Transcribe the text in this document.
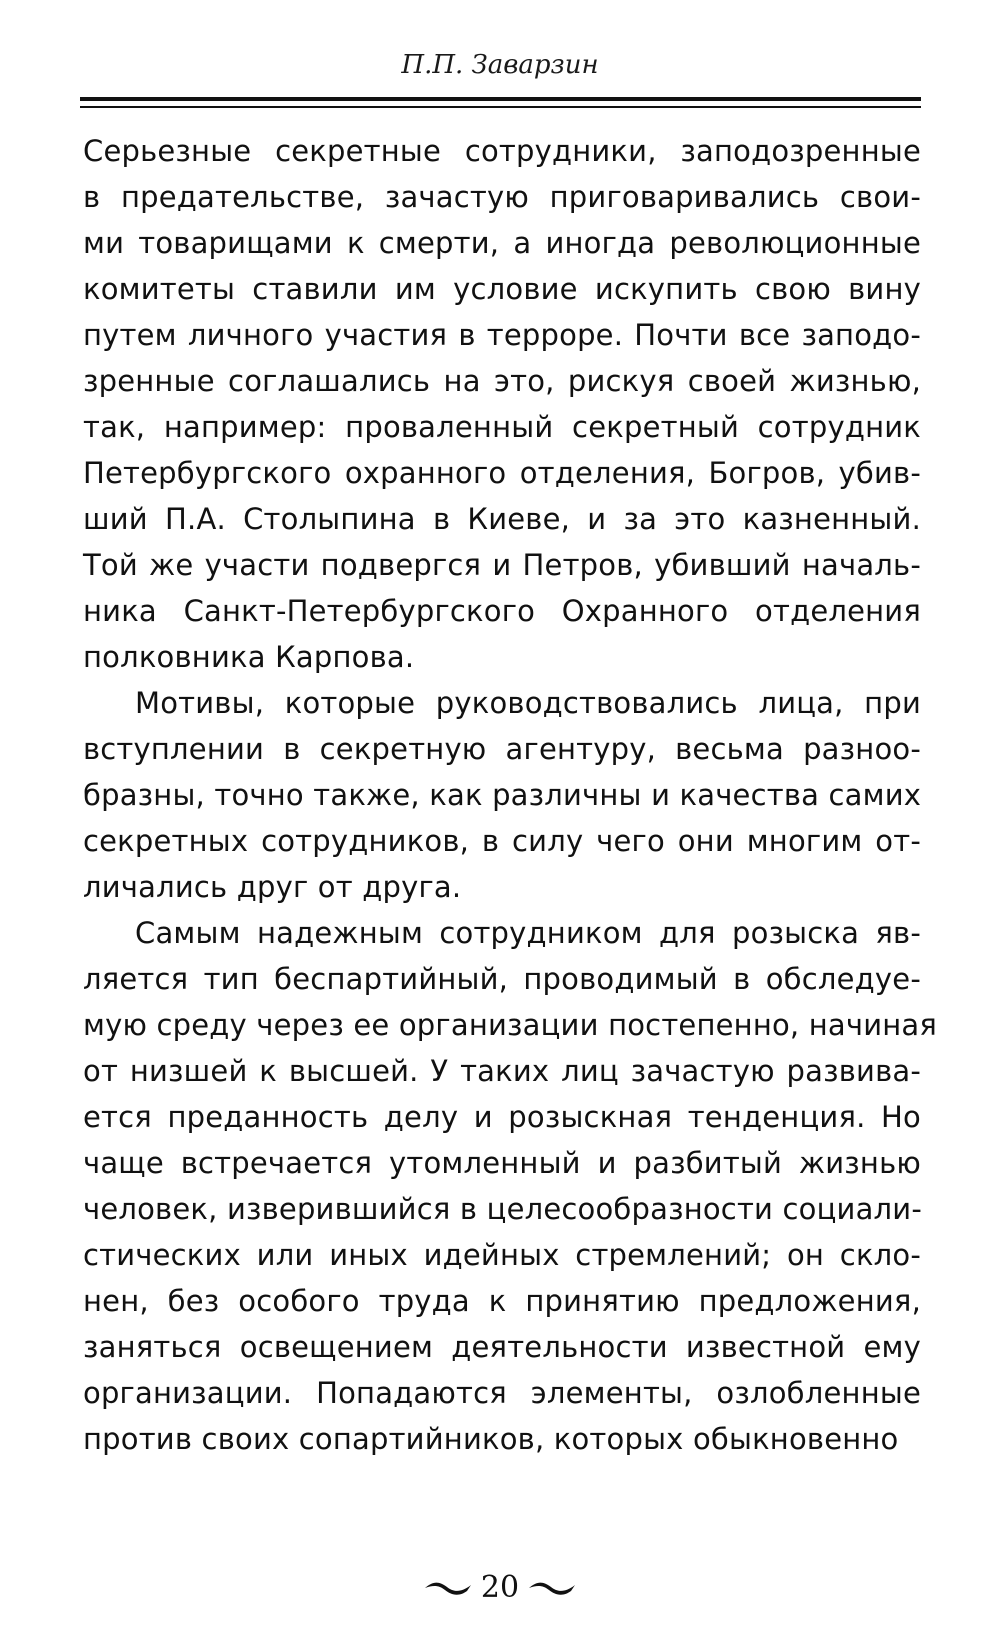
П.П. Заварзин
Серьезные секретные сотрудники, заподозренные
в предательстве, зачастую приговаривались свои-
ми товарищами к смерти, а иногда революционные
комитеты ставили им условие искупить свою вину
путем личного участия в терроре. Почти все заподо-
зренные соглашались на это, рискуя своей жизнью,
так, например: проваленный секретный сотрудник
Петербургского охранного отделения, Богров, убив-
ший П.А. Столыпина в Киеве, и за это казненный.
Той же участи подвергся и Петров, убивший началь-
ника Санкт-Петербургского Охранного отделения
полковника Карпова.
Мотивы, которые руководствовались лица, при
вступлении в секретную агентуру, весьма разноо-
бразны, точно также, как различны и качества самих
секретных сотрудников, в силу чего они многим от-
личались друг от друга.
Самым надежным сотрудником для розыска яв-
ляется тип беспартийный, проводимый в обследуе-
мую среду через ее организации постепенно, начиная
от низшей к высшей. У таких лиц зачастую развива-
ется преданность делу и розыскная тенденция. Но
чаще встречается утомленный и разбитый жизнью
человек, изверившийся в целесообразности социали-
стических или иных идейных стремлений; он скло-
нен, без особого труда к принятию предложения,
заняться освещением деятельности известной ему
организации. Попадаются элементы, озлобленные
против своих сопартийников, которых обыкновенно
20
